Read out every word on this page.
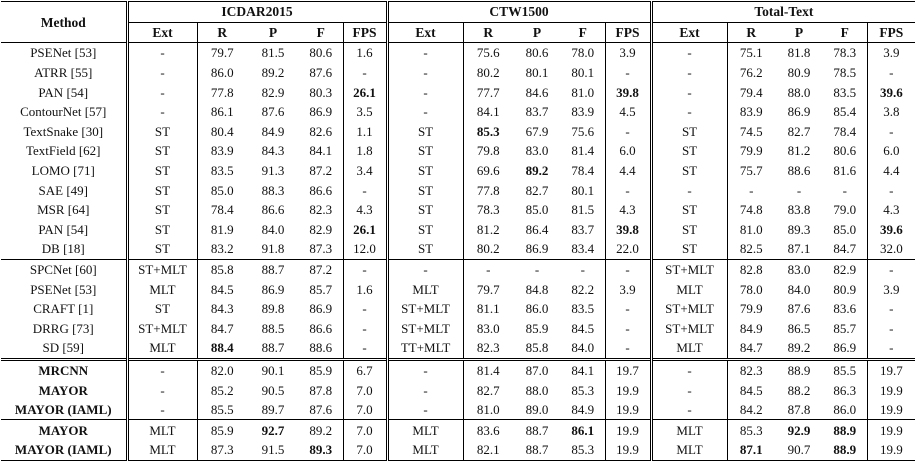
Method	ICDAR2015					CTW1500					Total-Text				
	Ext	R	P	F	FPS	Ext	R	P	F	FPS	Ext	R	P	F	FPS
PSENet [53]	-	79.7	81.5	80.6	1.6	-	75.6	80.6	78.0	3.9	-	75.1	81.8	78.3	3.9
ATRR [55]	-	86.0	89.2	87.6	-	-	80.2	80.1	80.1	-	-	76.2	80.9	78.5	-
PAN [54]	-	77.8	82.9	80.3	26.1	-	77.7	84.6	81.0	39.8	-	79.4	88.0	83.5	39.6
ContourNet [57]	-	86.1	87.6	86.9	3.5	-	84.1	83.7	83.9	4.5	-	83.9	86.9	85.4	3.8
TextSnake [30]	ST	80.4	84.9	82.6	1.1	ST	85.3	67.9	75.6	-	ST	74.5	82.7	78.4	-
TextField [62]	ST	83.9	84.3	84.1	1.8	ST	79.8	83.0	81.4	6.0	ST	79.9	81.2	80.6	6.0
LOMO [71]	ST	83.5	91.3	87.2	3.4	ST	69.6	89.2	78.4	4.4	ST	75.7	88.6	81.6	4.4
SAE [49]	ST	85.0	88.3	86.6	-	ST	77.8	82.7	80.1	-	-	-	-	-	-
MSR [64]	ST	78.4	86.6	82.3	4.3	ST	78.3	85.0	81.5	4.3	ST	74.8	83.8	79.0	4.3
PAN [54]	ST	81.9	84.0	82.9	26.1	ST	81.2	86.4	83.7	39.8	ST	81.0	89.3	85.0	39.6
DB [18]	ST	83.2	91.8	87.3	12.0	ST	80.2	86.9	83.4	22.0	ST	82.5	87.1	84.7	32.0
SPCNet [60]	ST+MLT	85.8	88.7	87.2	-	-	-	-	-	-	ST+MLT	82.8	83.0	82.9	-
PSENet [53]	MLT	84.5	86.9	85.7	1.6	MLT	79.7	84.8	82.2	3.9	MLT	78.0	84.0	80.9	3.9
CRAFT [1]	ST	84.3	89.8	86.9	-	ST+MLT	81.1	86.0	83.5	-	ST+MLT	79.9	87.6	83.6	-
DRRG [73]	ST+MLT	84.7	88.5	86.6	-	ST+MLT	83.0	85.9	84.5	-	ST+MLT	84.9	86.5	85.7	-
SD [59]	MLT	88.4	88.7	88.6	-	TT+MLT	82.3	85.8	84.0	-	MLT	84.7	89.2	86.9	-
MRCNN	-	82.0	90.1	85.9	6.7	-	81.4	87.0	84.1	19.7	-	82.3	88.9	85.5	19.7
MAYOR	-	85.2	90.5	87.8	7.0	-	82.7	88.0	85.3	19.9	-	84.5	88.2	86.3	19.9
MAYOR (IAML)	-	85.5	89.7	87.6	7.0	-	81.0	89.0	84.9	19.9	-	84.2	87.8	86.0	19.9
MAYOR	MLT	85.9	92.7	89.2	7.0	MLT	83.6	88.7	86.1	19.9	MLT	85.3	92.9	88.9	19.9
MAYOR (IAML)	MLT	87.3	91.5	89.3	7.0	MLT	82.1	88.7	85.3	19.9	MLT	87.1	90.7	88.9	19.9
